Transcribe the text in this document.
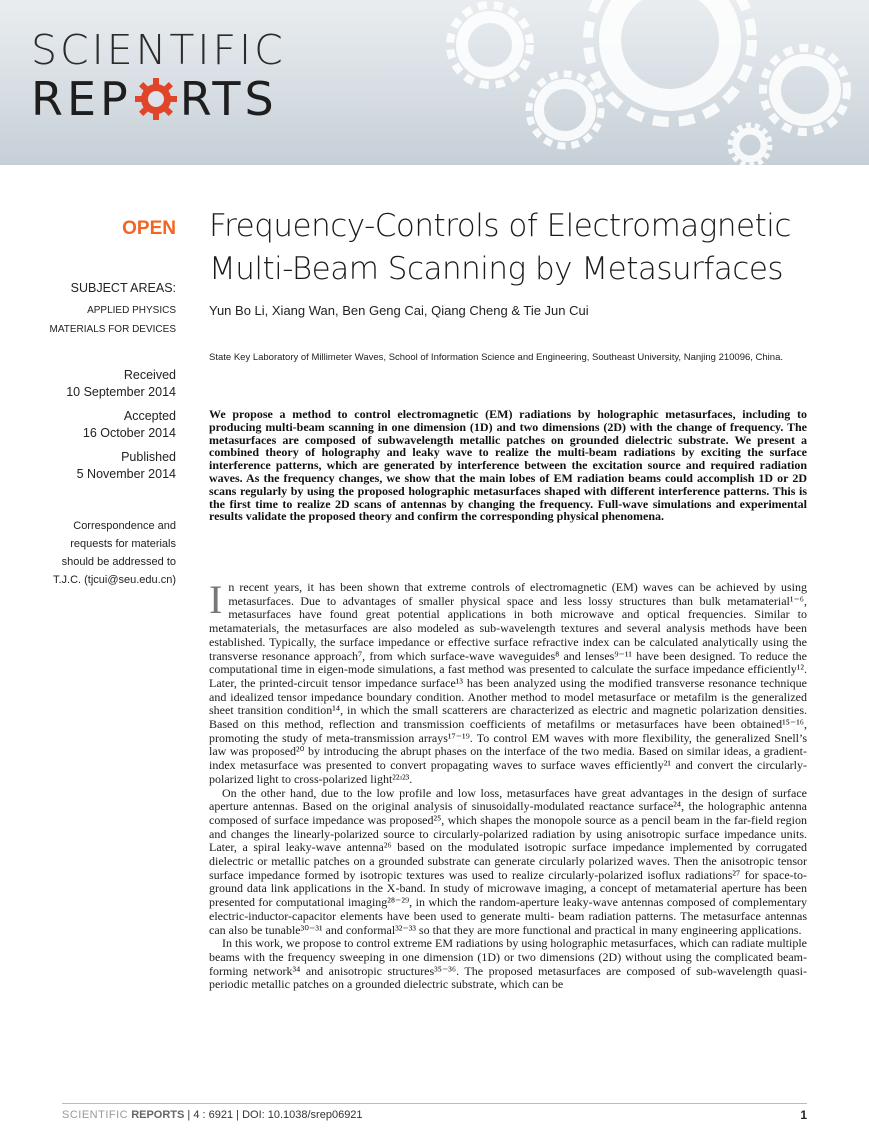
SCIENTIFIC
REP RTS
OPEN
SUBJECT AREAS:
APPLIED PHYSICS
MATERIALS FOR DEVICES
Received
10 September 2014
Accepted
16 October 2014
Published
5 November 2014
Correspondence and requests for materials should be addressed to T.J.C. (tjcui@seu.edu.cn)
Frequency-Controls of Electromagnetic
Multi-Beam Scanning by Metasurfaces
Yun Bo Li, Xiang Wan, Ben Geng Cai, Qiang Cheng & Tie Jun Cui
State Key Laboratory of Millimeter Waves, School of Information Science and Engineering, Southeast University, Nanjing 210096, China.
We propose a method to control electromagnetic (EM) radiations by holographic metasurfaces, including to producing multi-beam scanning in one dimension (1D) and two dimensions (2D) with the change of frequency. The metasurfaces are composed of subwavelength metallic patches on grounded dielectric substrate. We present a combined theory of holography and leaky wave to realize the multi-beam radiations by exciting the surface interference patterns, which are generated by interference between the excitation source and required radiation waves. As the frequency changes, we show that the main lobes of EM radiation beams could accomplish 1D or 2D scans regularly by using the proposed holographic metasurfaces shaped with different interference patterns. This is the first time to realize 2D scans of antennas by changing the frequency. Full-wave simulations and experimental results validate the proposed theory and confirm the corresponding physical phenomena.

In recent years, it has been shown that extreme controls of electromagnetic (EM) waves can be achieved by using metasurfaces. Due to advantages of smaller physical space and less lossy structures than bulk metamaterial¹⁻⁶, metasurfaces have found great potential applications in both microwave and optical frequencies. Similar to metamaterials, the metasurfaces are also modeled as sub-wavelength textures and several analysis methods have been established. Typically, the surface impedance or effective surface refractive index can be calculated analytically using the transverse resonance approach⁷, from which surface-wave waveguides⁸ and lenses⁹⁻¹¹ have been designed. To reduce the computational time in eigen-mode simulations, a fast method was presented to calculate the surface impedance efficiently¹². Later, the printed-circuit tensor impedance surface¹³ has been analyzed using the modified transverse resonance technique and idealized tensor impedance boundary condition. Another method to model metasurface or metafilm is the generalized sheet transition condition¹⁴, in which the small scatterers are characterized as electric and magnetic polarization densities. Based on this method, reflection and transmission coefficients of metafilms or metasurfaces have been obtained¹⁵⁻¹⁶, promoting the study of meta-transmission arrays¹⁷⁻¹⁹. To control EM waves with more flexibility, the generalized Snell’s law was proposed²⁰ by introducing the abrupt phases on the interface of the two media. Based on similar ideas, a gradient-index metasurface was presented to convert propagating waves to surface waves efficiently²¹ and convert the circularly-polarized light to cross-polarized light²²ʴ²³.

On the other hand, due to the low profile and low loss, metasurfaces have great advantages in the design of surface aperture antennas. Based on the original analysis of sinusoidally-modulated reactance surface²⁴, the holographic antenna composed of surface impedance was proposed²⁵, which shapes the monopole source as a pencil beam in the far-field region and changes the linearly-polarized source to circularly-polarized radiation by using anisotropic surface impedance units. Later, a spiral leaky-wave antenna²⁶ based on the modulated isotropic surface impedance implemented by corrugated dielectric or metallic patches on a grounded substrate can generate circularly polarized waves. Then the anisotropic tensor surface impedance formed by isotropic textures was used to realize circularly-polarized isoflux radiations²⁷ for space-to-ground data link applications in the X-band. In study of microwave imaging, a concept of metamaterial aperture has been presented for computational imaging²⁸⁻²⁹, in which the random-aperture leaky-wave antennas composed of complementary electric-inductor-capacitor elements have been used to generate multi- beam radiation patterns. The metasurface antennas can also be tunable³⁰⁻³¹ and conformal³²⁻³³ so that they are more functional and practical in many engineering applications.

In this work, we propose to control extreme EM radiations by using holographic metasurfaces, which can radiate multiple beams with the frequency sweeping in one dimension (1D) or two dimensions (2D) without using the complicated beam-forming network³⁴ and anisotropic structures³⁵⁻³⁶. The proposed metasurfaces are composed of sub-wavelength quasi-periodic metallic patches on a grounded dielectric substrate, which can be

SCIENTIFIC REPORTS | 4 : 6921 | DOI: 10.1038/srep06921	1
